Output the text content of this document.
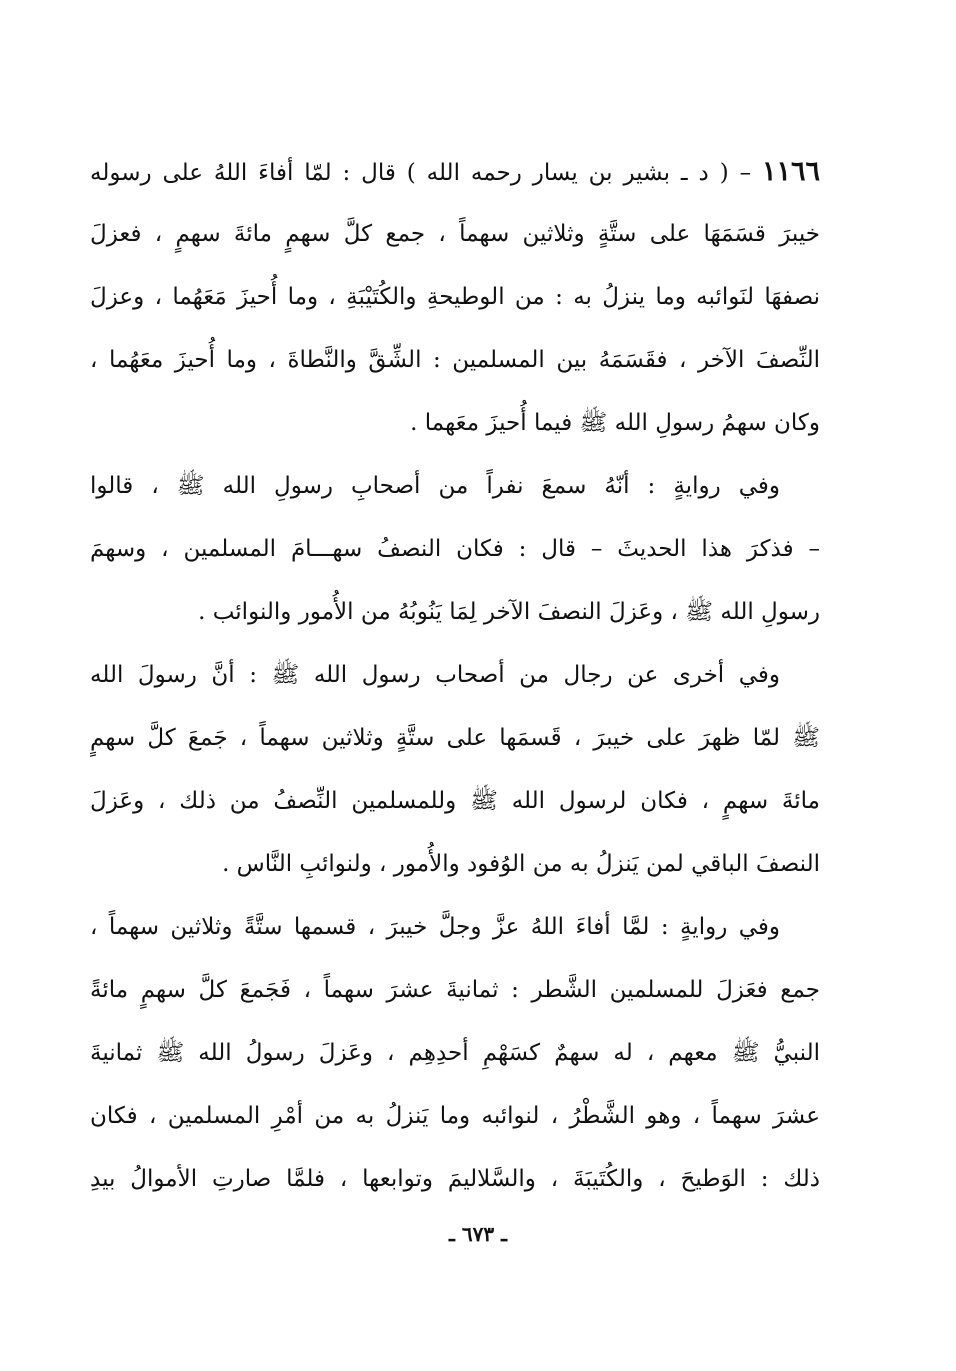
١١٦٦ – ( د ـ بشير بن يسار رحمه الله ) قال : لمّا أفاءَ اللهُ على رسوله
خيبرَ قسَمَهَا على ستَّةٍ وثلاثين سهماً ، جمع كلَّ سهمٍ مائةَ سهمٍ ، فعزلَ
نصفهَا لنَوائبه وما ينزلُ به : من الوطيحةِ والكُتَيْبَةِ ، وما أُحيزَ مَعَهُما ، وعزلَ
النِّصفَ الآخر ، فقَسَمَهُ بين المسلمين : الشِّقَّ والنَّطاةَ ، وما أُحيزَ معَهُما ،
وكان سهمُ رسولِ الله ﷺ فيما أُحيزَ معَهما .
وفي روايةٍ : أنّهُ سمعَ نفراً من أصحابِ رسولِ الله ﷺ ، قالوا
– فذكرَ هذا الحديثَ – قال : فكان النصفُ سهـــامَ المسلمين ، وسهمَ
رسولِ الله ﷺ ، وعَزلَ النصفَ الآخر لِمَا يَنُوبُهُ من الأُمور والنوائب .
وفي أخرى عن رجال من أصحاب رسول الله ﷺ : أنَّ رسولَ الله
ﷺ لمّا ظهرَ على خيبرَ ، قَسمَها على ستَّةٍ وثلاثين سهماً ، جَمعَ كلَّ سهمٍ
مائةَ سهمٍ ، فكان لرسول الله ﷺ وللمسلمين النِّصفُ من ذلك ، وعَزلَ
النصفَ الباقي لمن يَنزلُ به من الوُفود والأُمور ، ولنوائبِ النَّاس .
وفي روايةٍ : لمَّا أفاءَ اللهُ عزَّ وجلَّ خيبرَ ، قسمها ستَّةً وثلاثين سهماً ،
جمع فعَزلَ للمسلمين الشَّطر : ثمانيةَ عشرَ سهماً ، فَجَمعَ كلَّ سهمٍ مائةً
النبيُّ ﷺ معهم ، له سهمٌ كسَهْمِ أحدِهِم ، وعَزلَ رسولُ الله ﷺ ثمانيةَ
عشرَ سهماً ، وهو الشَّطْرُ ، لنوائبه وما يَنزلُ به من أمْرِ المسلمين ، فكان
ذلك : الوَطيحَ ، والكُتَيبَةَ ، والسَّلاليمَ وتوابعها ، فلمَّا صارتِ الأموالُ بيدِ
ـ ٦٧٣ ـ
